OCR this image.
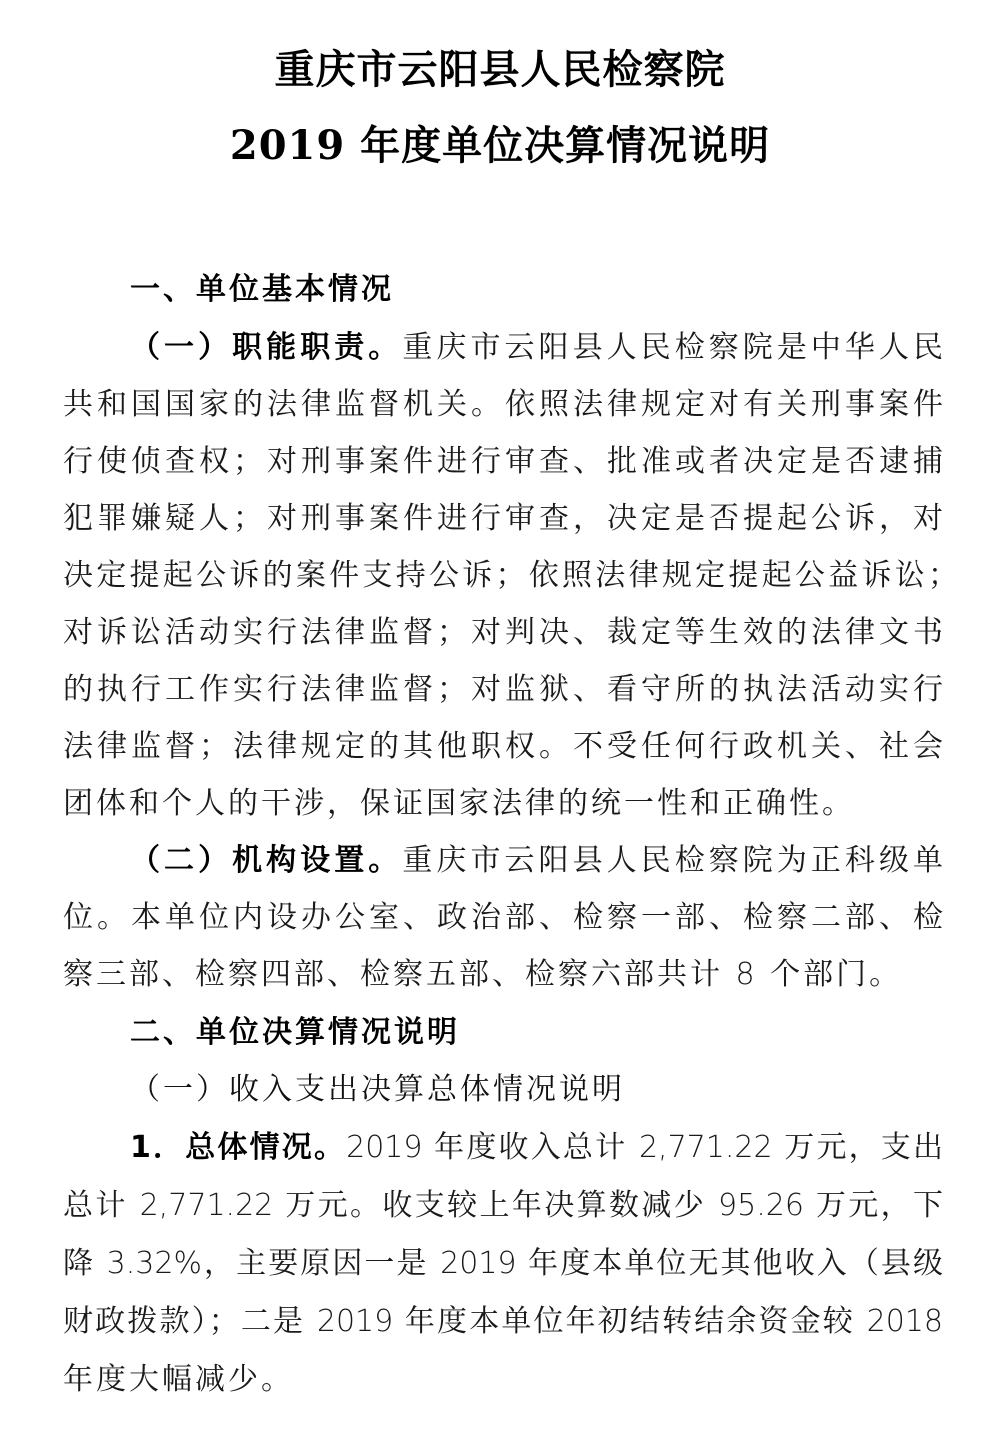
重庆市云阳县人民检察院
2019 年度单位决算情况说明
一、单位基本情况
（一）职能职责。重庆市云阳县人民检察院是中华人民
共和国国家的法律监督机关。依照法律规定对有关刑事案件
行使侦查权；对刑事案件进行审查、批准或者决定是否逮捕
犯罪嫌疑人；对刑事案件进行审查，决定是否提起公诉，对
决定提起公诉的案件支持公诉；依照法律规定提起公益诉讼；
对诉讼活动实行法律监督；对判决、裁定等生效的法律文书
的执行工作实行法律监督；对监狱、看守所的执法活动实行
法律监督；法律规定的其他职权。不受任何行政机关、社会
团体和个人的干涉，保证国家法律的统一性和正确性。
（二）机构设置。重庆市云阳县人民检察院为正科级单
位。本单位内设办公室、政治部、检察一部、检察二部、检
察三部、检察四部、检察五部、检察六部共计 8 个部门。
二、单位决算情况说明
（一）收入支出决算总体情况说明
1．总体情况。2019 年度收入总计 2,771.22 万元，支出
总计 2,771.22 万元。收支较上年决算数减少 95.26 万元，下
降 3.32%，主要原因一是 2019 年度本单位无其他收入（县级
财政拨款）；二是 2019 年度本单位年初结转结余资金较 2018
年度大幅减少。
